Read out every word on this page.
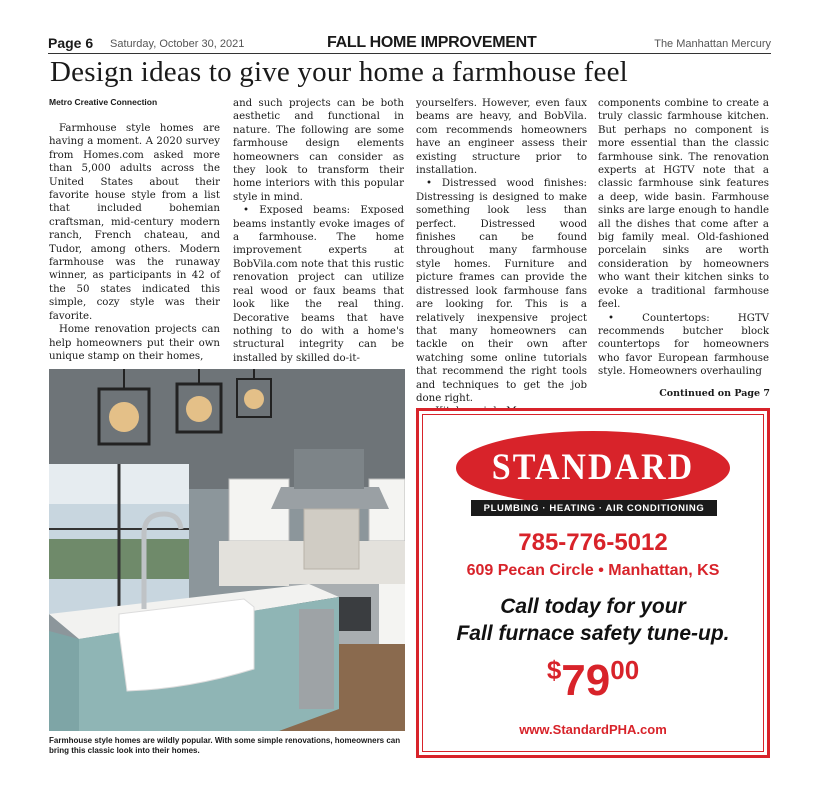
Page 6 Saturday, October 30, 2021	FALL HOME IMPROVEMENT	The Manhattan Mercury
Design ideas to give your home a farmhouse feel

Metro Creative Connection

Farmhouse style homes are having a moment. A 2020 survey from Homes.com asked more than 5,000 adults across the United States about their favorite house style from a list that included bohemian craftsman, mid-century modern ranch, French chateau, and Tudor, among others. Modern farmhouse was the runaway winner, as participants in 42 of the 50 states indicated this simple, cozy style was their favorite.

Home renovation projects can help homeowners put their own unique stamp on their homes,

and such projects can be both aesthetic and functional in nature. The following are some farmhouse design elements homeowners can consider as they look to transform their home interiors with this popular style in mind.

• Exposed beams: Exposed beams instantly evoke images of a farmhouse. The home improvement experts at BobVila.com note that this rustic renovation project can utilize real wood or faux beams that look like the real thing. Decorative beams that have nothing to do with a home's structural integrity can be installed by skilled do-it-

yourselfers. However, even faux beams are heavy, and BobVila. com recommends homeowners have an engineer assess their existing structure prior to installation.

• Distressed wood finishes: Distressing is designed to make something look less than perfect. Distressed wood finishes can be found throughout many farmhouse style homes. Furniture and picture frames can provide the distressed look farmhouse fans are looking for. This is a relatively inexpensive project that many homeowners can tackle on their own after watching some online tutorials that recommend the right tools and techniques to get the job done right.

components combine to create a truly classic farmhouse kitchen. But perhaps no component is more essential than the classic farmhouse sink. The renovation experts at HGTV note that a classic farmhouse sink features a deep, wide basin. Farmhouse sinks are large enough to handle all the dishes that come after a big family meal. Old-fashioned porcelain sinks are worth consideration by homeowners who want their kitchen sinks to evoke a traditional farmhouse feel.

• Countertops: HGTV recommends butcher block countertops for homeowners who favor European farmhouse style. Homeowners overhauling

Continued on Page 7

Farmhouse style homes are wildly popular. With some simple renovations, homeowners can bring this classic look into their homes.

STANDARD
PLUMBING · HEATING · AIR CONDITIONING
785-776-5012
609 Pecan Circle • Manhattan, KS
Call today for your
Fall furnace safety tune-up.
$^{\$}79^{00}$
www.StandardPHA.com
